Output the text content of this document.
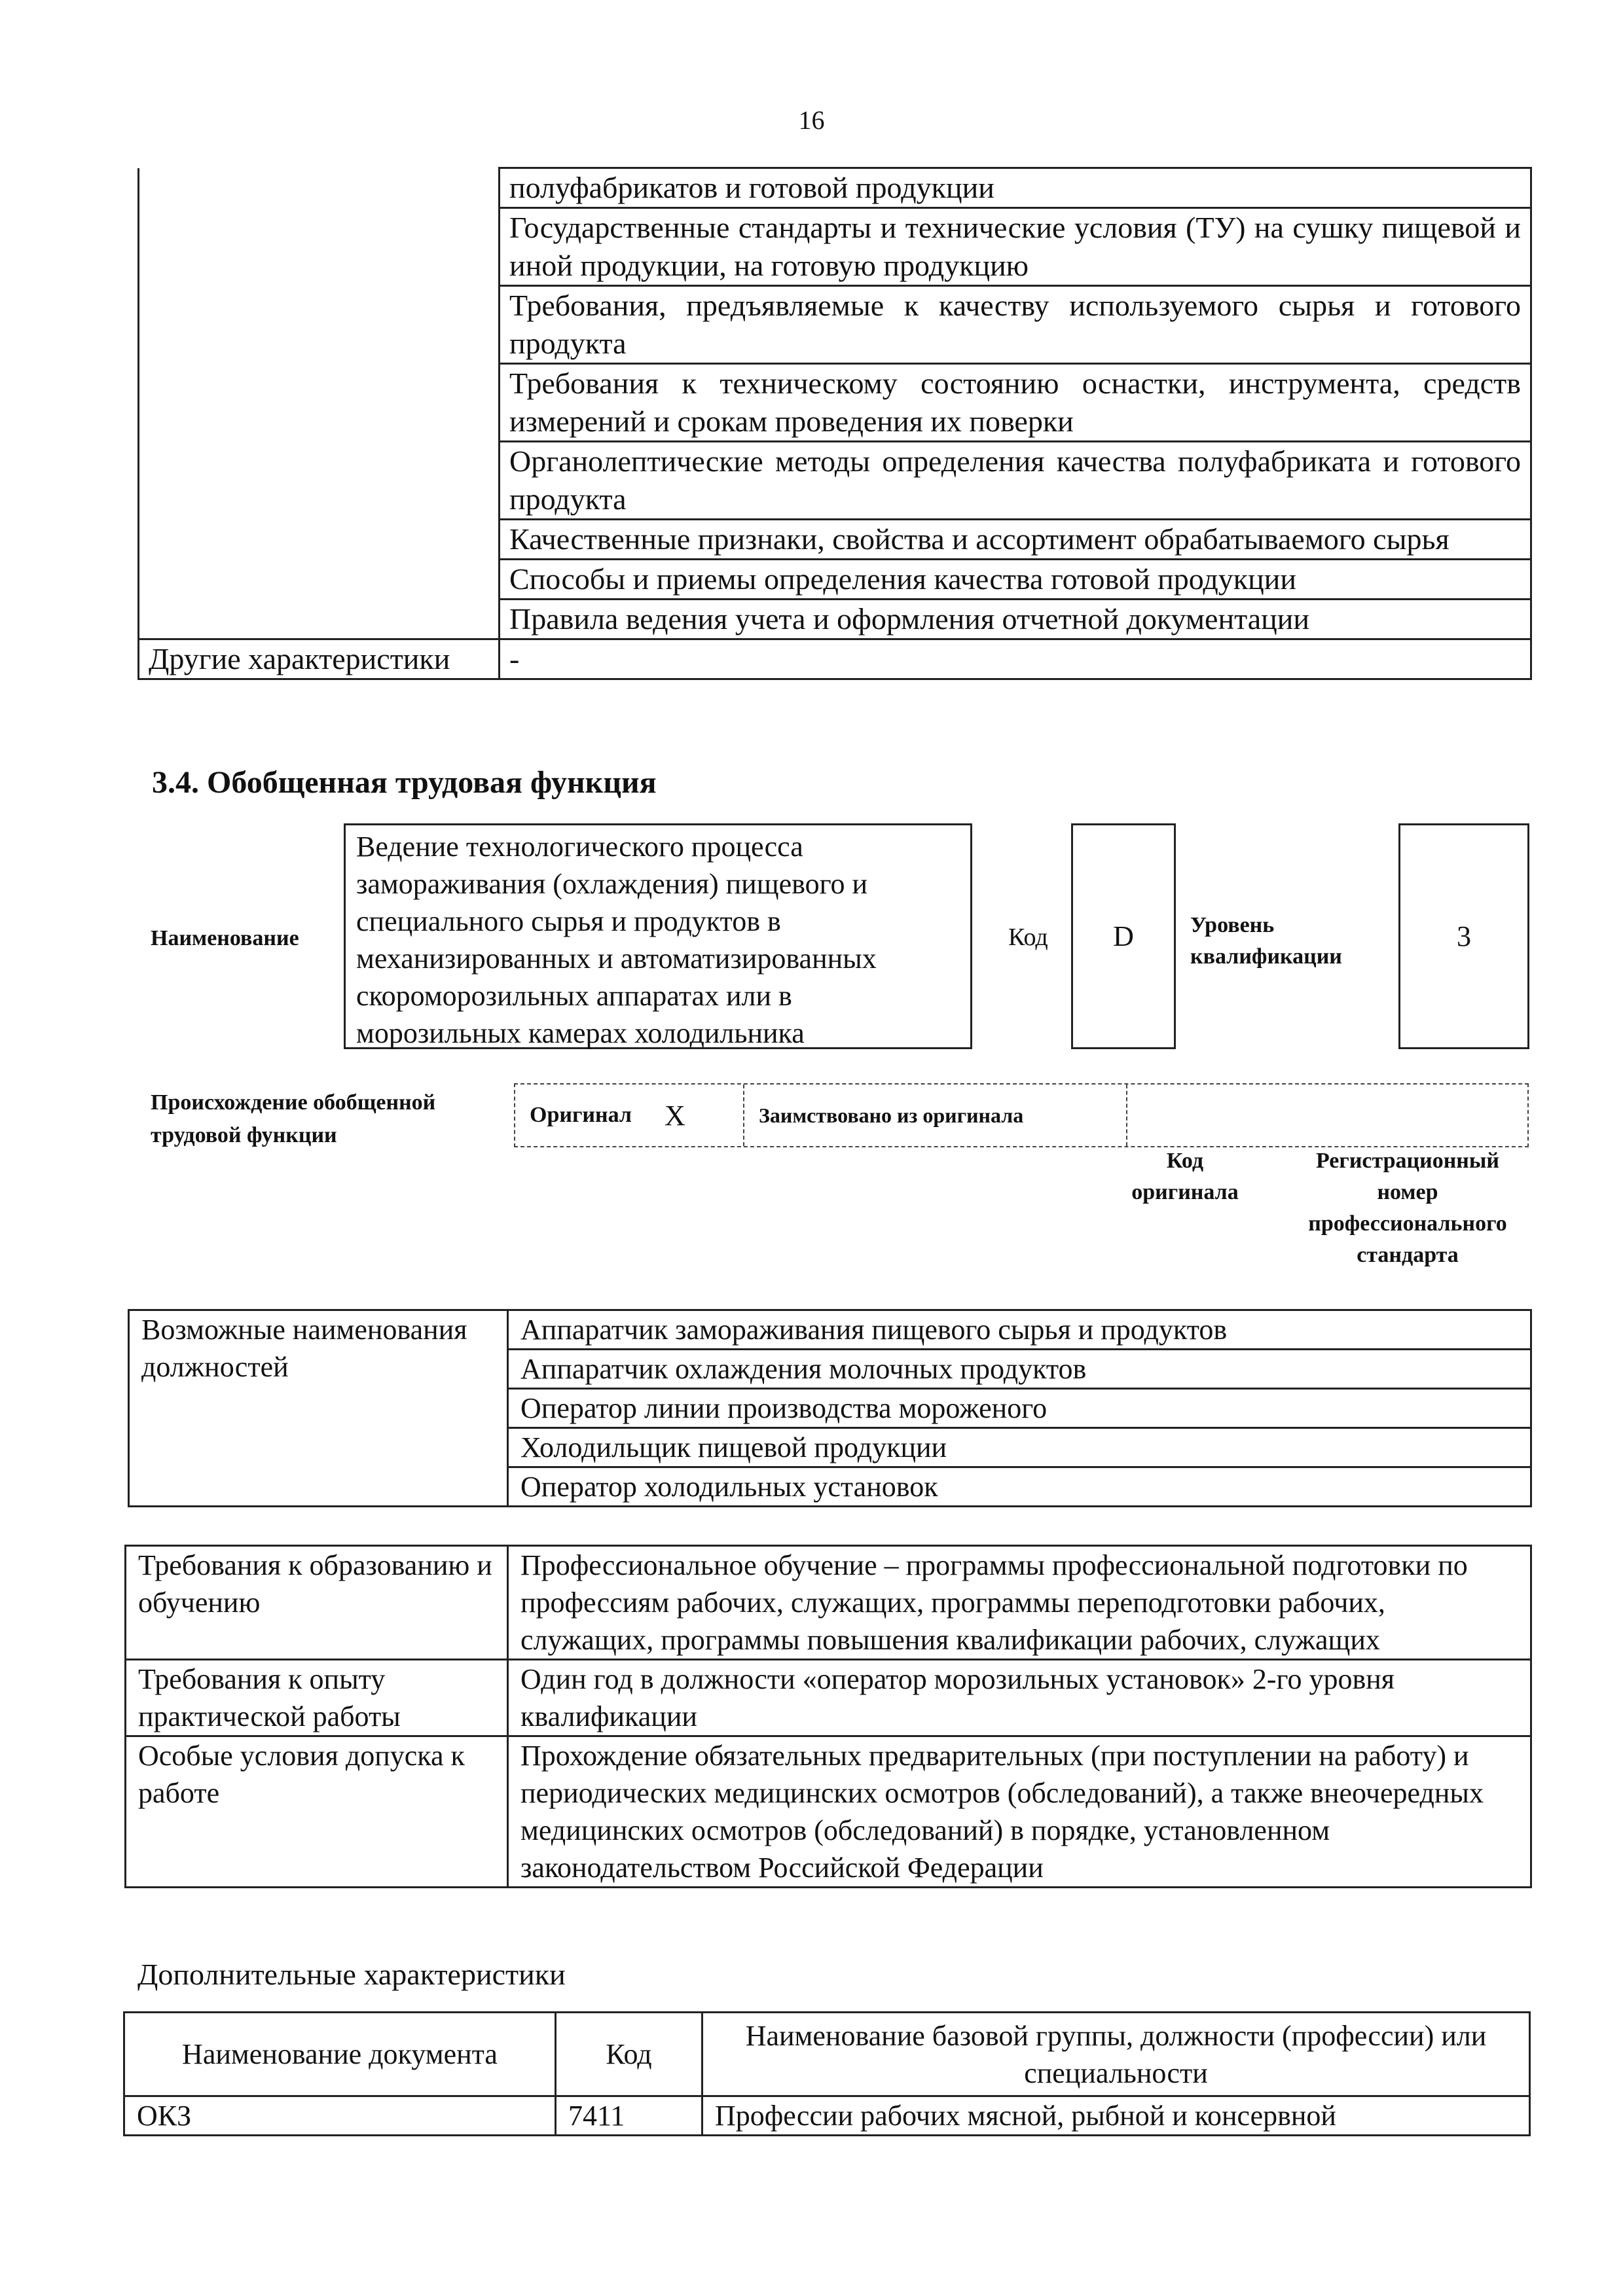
16
	полуфабрикатов и готовой продукции
	Государственные стандарты и технические условия (ТУ) на сушку пищевой и иной продукции, на готовую продукцию
	Требования, предъявляемые к качеству используемого сырья и готового продукта
	Требования к техническому состоянию оснастки, инструмента, средств измерений и срокам проведения их поверки
	Органолептические методы определения качества полуфабриката и готового продукта
	Качественные признаки, свойства и ассортимент обрабатываемого сырья
	Способы и приемы определения качества готовой продукции
	Правила ведения учета и оформления отчетной документации
Другие характеристики	-
3.4. Обобщенная трудовая функция
Наименование
Ведение технологического процесса замораживания (охлаждения) пищевого и специального сырья и продуктов в механизированных и автоматизированных скороморозильных аппаратах или в морозильных камерах холодильника
Код	D	Уровень
квалификации
3
Происхождение обобщенной
трудовой функции
Оригинал X	Заимствовано из оригинала
Код
оригинала
Регистрационный
номер
профессионального
стандарта
Возможные наименования должностей	Аппаратчик замораживания пищевого сырья и продуктов
Аппаратчик охлаждения молочных продуктов
Оператор линии производства мороженого
Холодильщик пищевой продукции
Оператор холодильных установок
Требования к образованию и обучению	Профессиональное обучение – программы профессиональной подготовки по профессиям рабочих, служащих, программы переподготовки рабочих, служащих, программы повышения квалификации рабочих, служащих
Требования к опыту практической работы	Один год в должности «оператор морозильных установок» 2-го уровня квалификации
Особые условия допуска к работе	Прохождение обязательных предварительных (при поступлении на работу) и периодических медицинских осмотров (обследований), а также внеочередных медицинских осмотров (обследований) в порядке, установленном законодательством Российской Федерации
Дополнительные характеристики
Наименование документа	Код	Наименование базовой группы, должности (профессии) или специальности
ОКЗ	7411	Профессии рабочих мясной, рыбной и консервной
